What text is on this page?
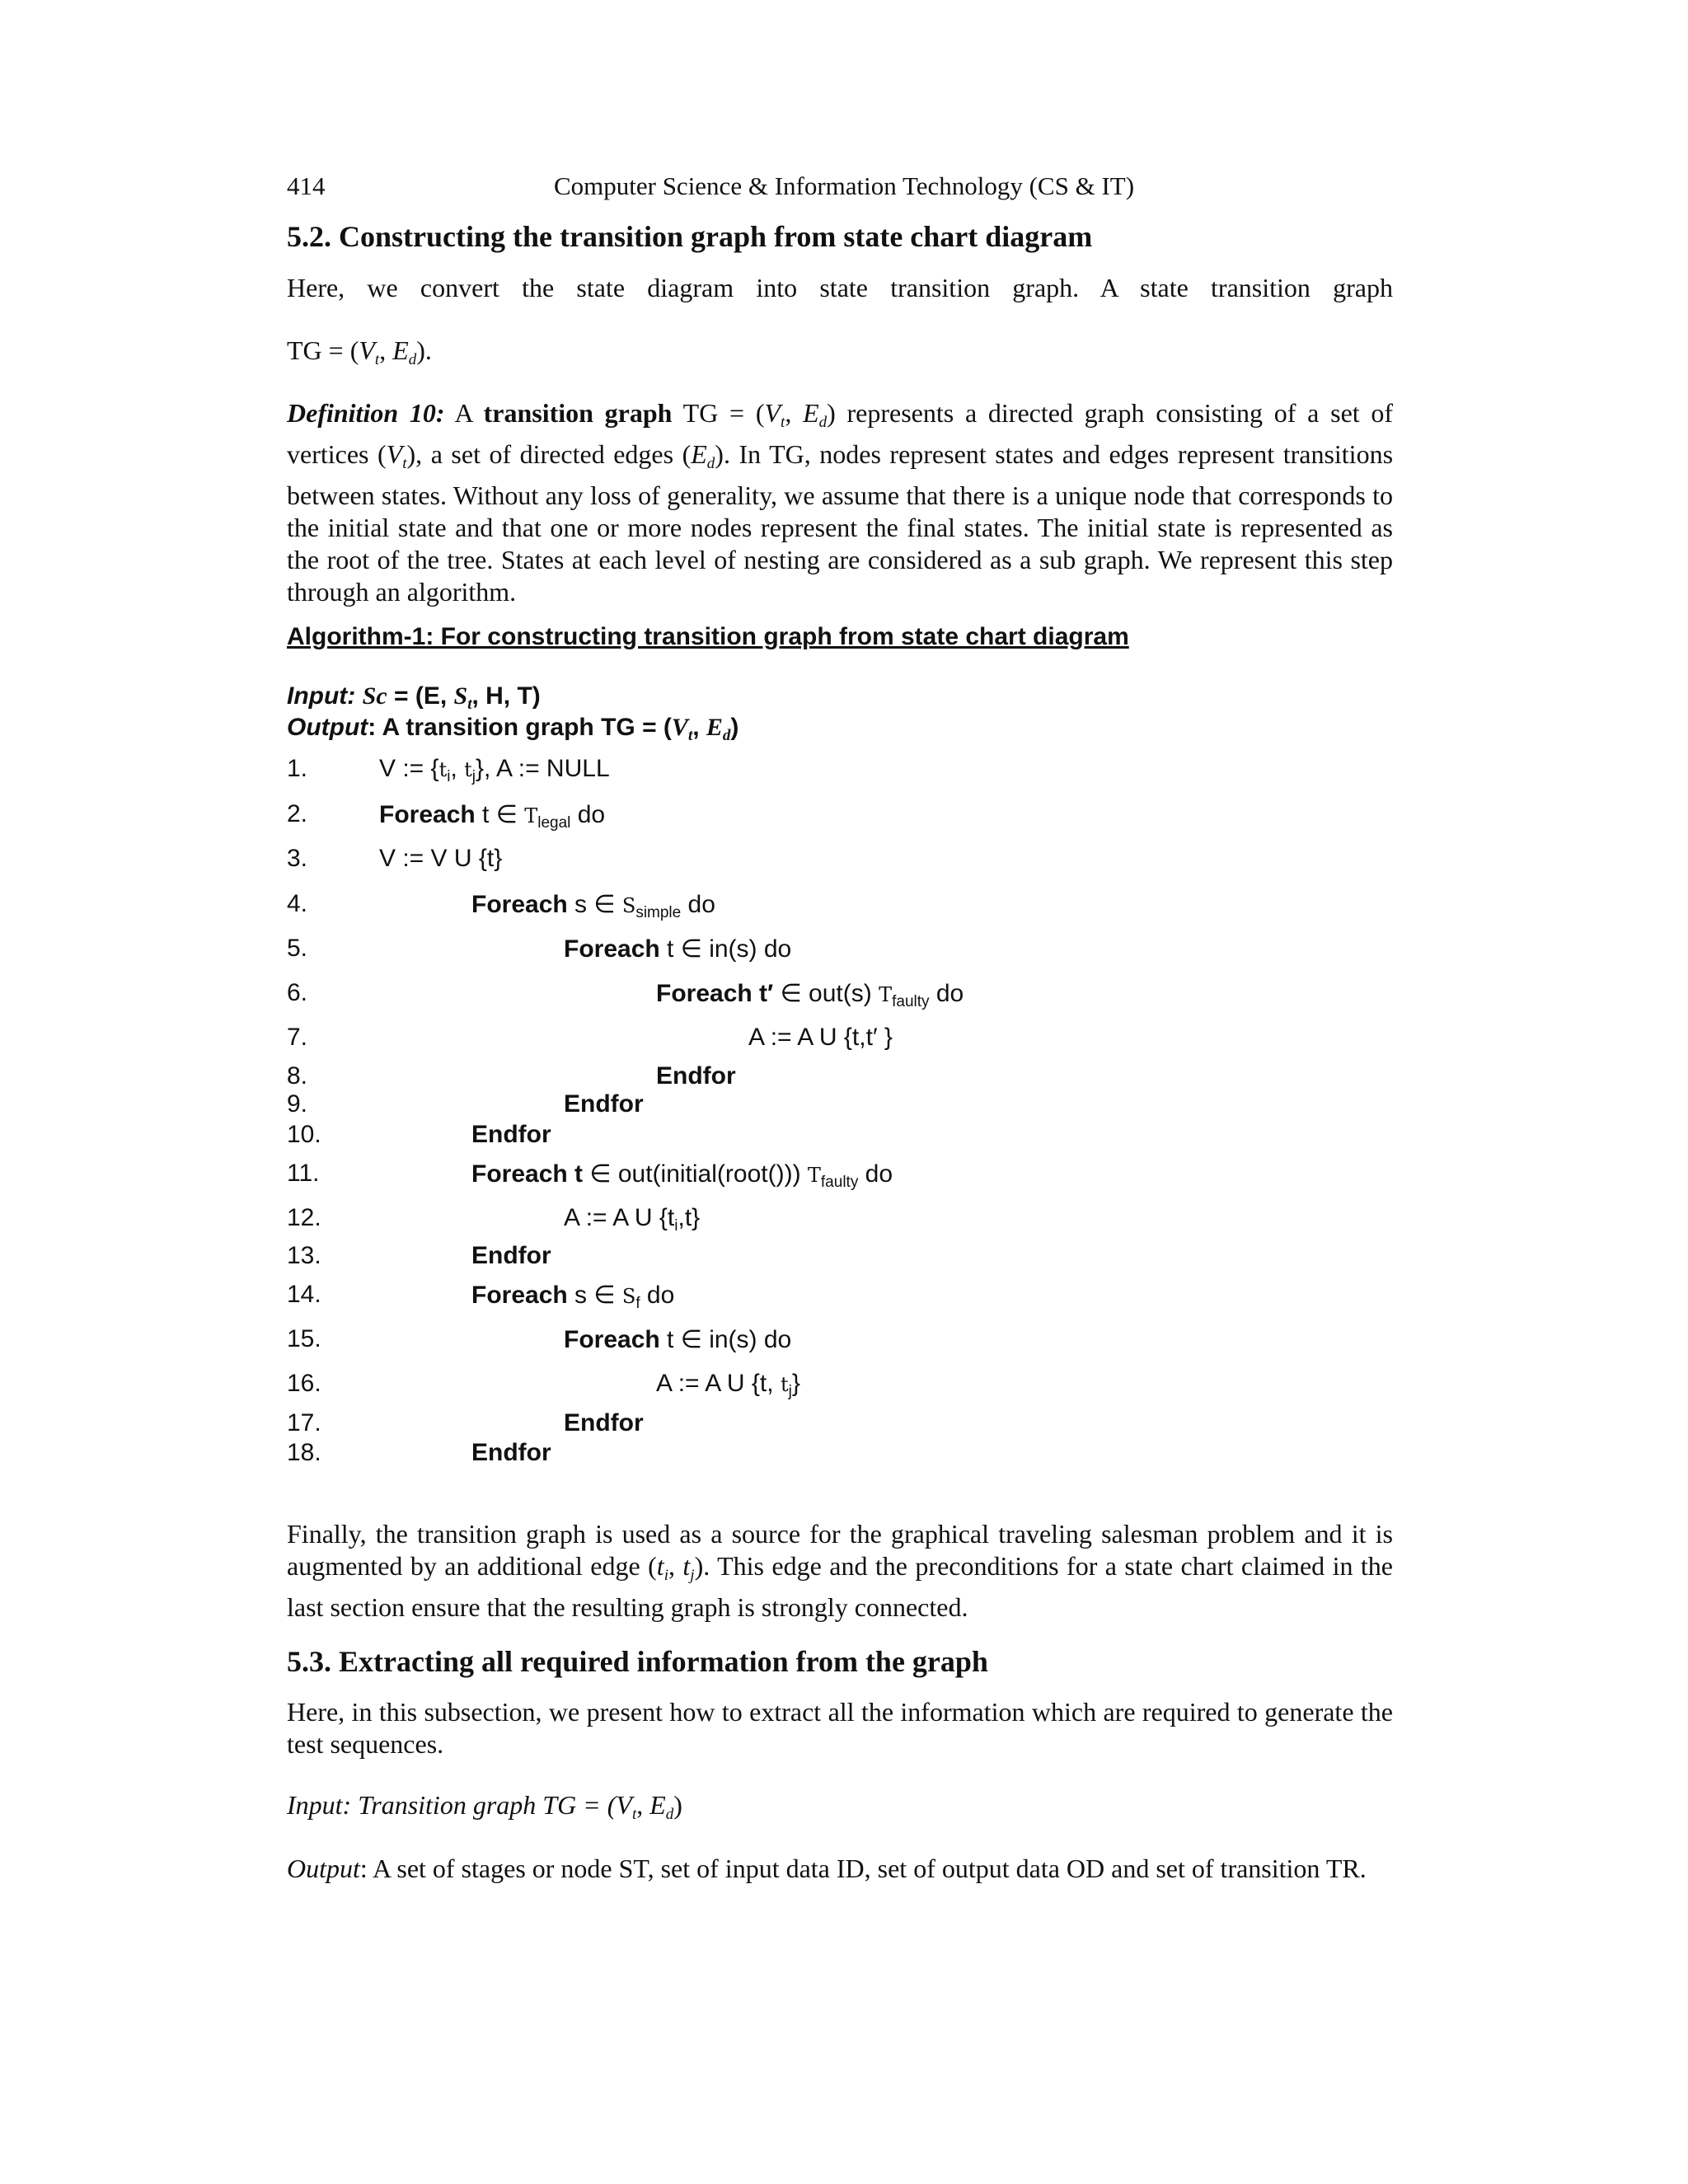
414	Computer Science & Information Technology (CS & IT)
5.2. Constructing the transition graph from state chart diagram

Here, we convert the state diagram into state transition graph. A state transition graph

TG = ($V_t$, $E_d$).

Definition 10: A transition graph TG = ($V_t$, $E_d$) represents a directed graph consisting of a set of vertices $(V_t)$, a set of directed edges $(E_d)$. In TG, nodes represent states and edges represent transitions between states. Without any loss of generality, we assume that there is a unique node that corresponds to the initial state and that one or more nodes represent the final states. The initial state is represented as the root of the tree. States at each level of nesting are considered as a sub graph. We represent this step through an algorithm.

Algorithm-1: For constructing transition graph from state chart diagram
Input: Sc = (E, $S_t$, H, T)
Output: A transition graph TG = ($V_t$, $E_d$)
1.	V := {$t_i$, $t_j$}, A := NULL
2.	Foreach t ∈ $T_{legal}$ do
3.	V := V U {t}
4.	Foreach s ∈ $S_{simple}$ do
5.	Foreach t ∈ in(s) do
6.	Foreach t′ ∈ out(s) $T_{faulty}$ do
7.	A := A U {t,t′ }
8.	Endfor
9.	Endfor
10.	Endfor
11.	Foreach t ∈ out(initial(root())) $T_{faulty}$ do
12.	A := A U $\{t_i,t\}$
13.	Endfor
14.	Foreach s ∈ $S_f$ do
15.	Foreach t ∈ in(s) do
16.	A := A U {t, $t_j$}
17.	Endfor
18.	Endfor

Finally, the transition graph is used as a source for the graphical traveling salesman problem and it is augmented by an additional edge ($t_i$, $t_j$). This edge and the preconditions for a state chart claimed in the last section ensure that the resulting graph is strongly connected.

5.3. Extracting all required information from the graph

Here, in this subsection, we present how to extract all the information which are required to generate the test sequences.

Input: Transition graph TG = ($V_t$, $E_d$)

Output: A set of stages or node ST, set of input data ID, set of output data OD and set of transition TR.
